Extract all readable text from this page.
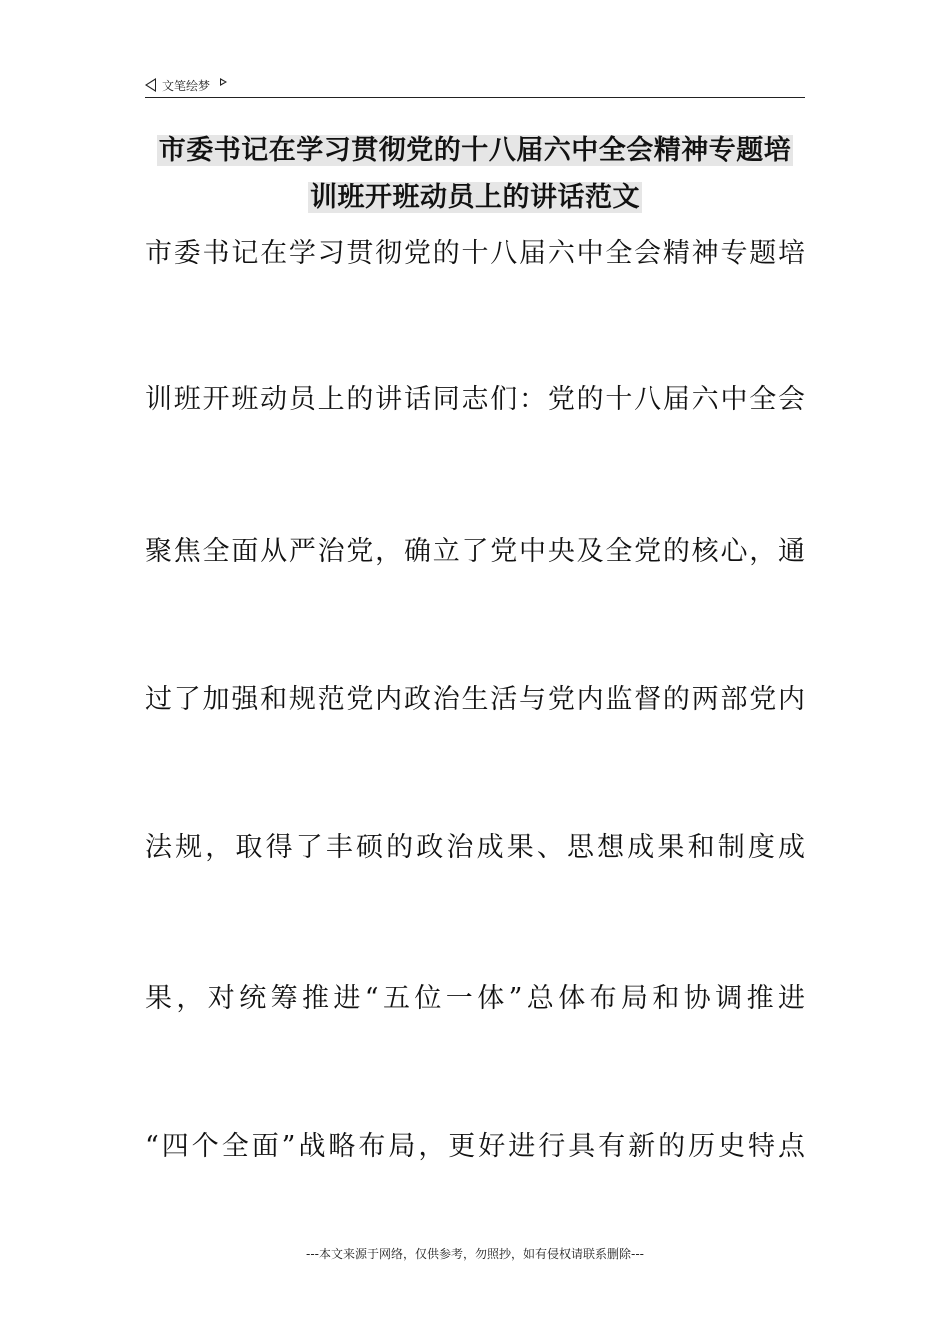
文笔绘梦
市委书记在学习贯彻党的十八届六中全会精神专题培
训班开班动员上的讲话范文
市委书记在学习贯彻党的十八届六中全会精神专题培
训班开班动员上的讲话同志们：党的十八届六中全会
聚焦全面从严治党，确立了党中央及全党的核心，通
过了加强和规范党内政治生活与党内监督的两部党内
法规，取得了丰硕的政治成果、思想成果和制度成
果，对统筹推进“五位一体”总体布局和协调推进
“四个全面”战略布局，更好进行具有新的历史特点
---本文来源于网络，仅供参考，勿照抄，如有侵权请联系删除---
